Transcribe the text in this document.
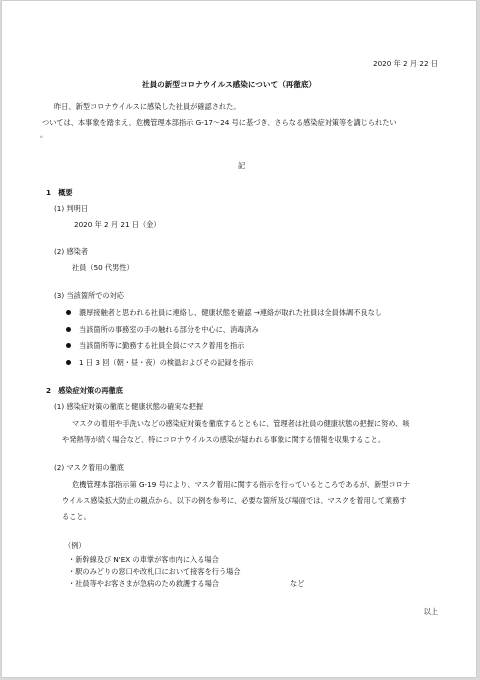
2020 年 2 月 22 日
社員の新型コロナウイルス感染について（再徹底）
昨日、新型コロナウイルスに感染した社員が確認された。
ついては、本事象を踏まえ、危機管理本部指示 G-17～24 号に基づき、さらなる感染症対策等を講じられたい
。
記
1　概要
(1) 判明日
2020 年 2 月 21 日（金）
(2) 感染者
社員（50 代男性）
(3) 当該箇所での対応
濃厚接触者と思われる社員に連絡し、健康状態を確認 →連絡が取れた社員は全員体調不良なし
当該箇所の事務室の手の触れる部分を中心に、消毒済み
当該箇所等に勤務する社員全員にマスク着用を指示
1 日 3 回（朝・昼・夜）の検温およびその記録を指示
2　感染症対策の再徹底
(1) 感染症対策の徹底と健康状態の確実な把握
マスクの着用や手洗いなどの感染症対策を徹底するとともに、管理者は社員の健康状態の把握に努め、咳
や発熱等が続く場合など、特にコロナウイルスの感染が疑われる事象に関する情報を収集すること。
(2) マスク着用の徹底
危機管理本部指示第 G-19 号により、マスク着用に関する指示を行っているところであるが、新型コロナ
ウイルス感染拡大防止の観点から、以下の例を参考に、必要な箇所及び場面では、マスクを着用して業務す
ること。
（例）
・新幹線及び N'EX の車掌が客市内に入る場合
・駅のみどりの窓口や改札口において接客を行う場合
・社員等やお客さまが急病のため救護する場合	など
以上
